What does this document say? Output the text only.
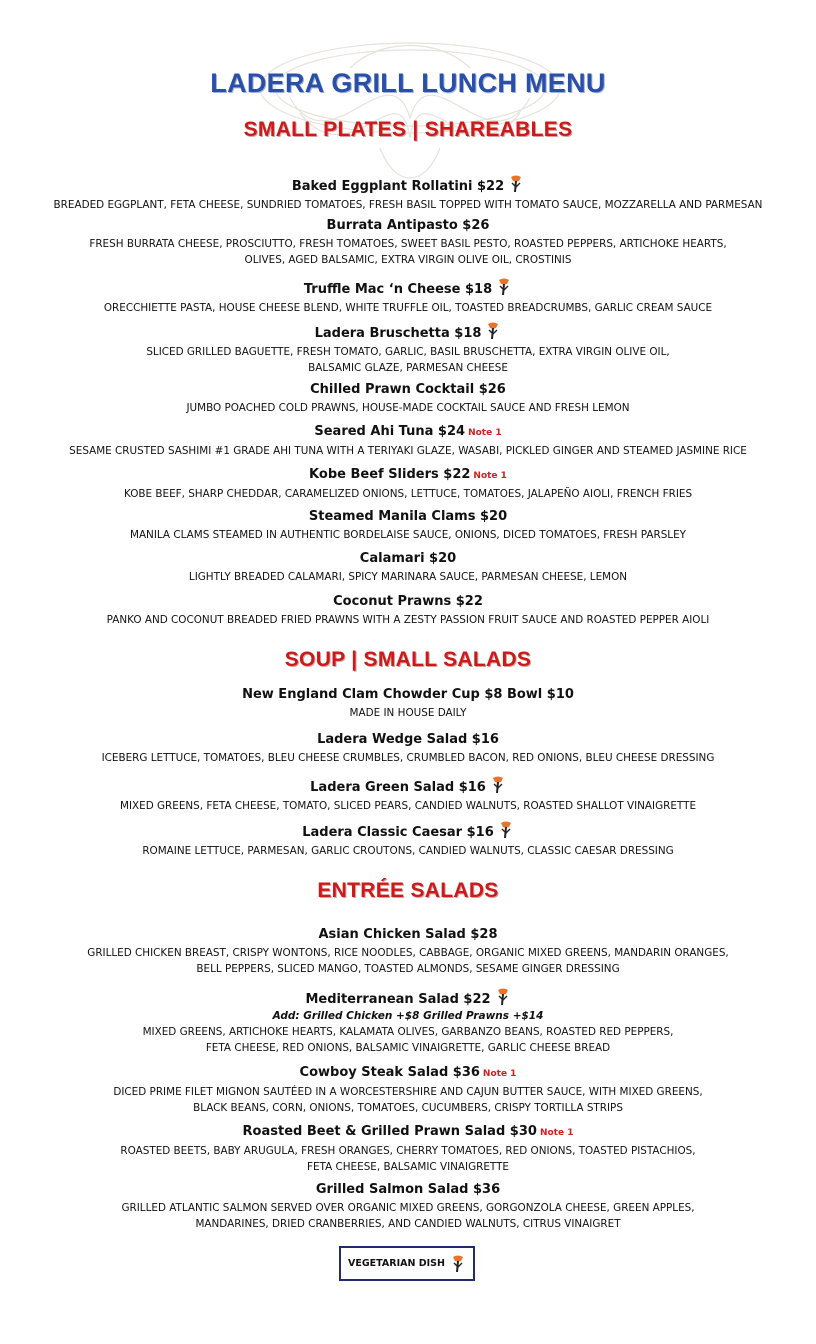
LADERA GRILL LUNCH MENU
SMALL PLATES | SHAREABLES
Baked Eggplant Rollatini $22
BREADED EGGPLANT, FETA CHEESE, SUNDRIED TOMATOES, FRESH BASIL TOPPED WITH TOMATO SAUCE, MOZZARELLA AND PARMESAN
Burrata Antipasto $26
FRESH BURRATA CHEESE, PROSCIUTTO, FRESH TOMATOES, SWEET BASIL PESTO, ROASTED PEPPERS, ARTICHOKE HEARTS,
OLIVES, AGED BALSAMIC, EXTRA VIRGIN OLIVE OIL, CROSTINIS
Truffle Mac ‘n Cheese $18
ORECCHIETTE PASTA, HOUSE CHEESE BLEND, WHITE TRUFFLE OIL, TOASTED BREADCRUMBS, GARLIC CREAM SAUCE
Ladera Bruschetta $18
SLICED GRILLED BAGUETTE, FRESH TOMATO, GARLIC, BASIL BRUSCHETTA, EXTRA VIRGIN OLIVE OIL,
BALSAMIC GLAZE, PARMESAN CHEESE
Chilled Prawn Cocktail $26
JUMBO POACHED COLD PRAWNS, HOUSE-MADE COCKTAIL SAUCE AND FRESH LEMON
Seared Ahi Tuna $24 Note 1
SESAME CRUSTED SASHIMI #1 GRADE AHI TUNA WITH A TERIYAKI GLAZE, WASABI, PICKLED GINGER AND STEAMED JASMINE RICE
Kobe Beef Sliders $22 Note 1
KOBE BEEF, SHARP CHEDDAR, CARAMELIZED ONIONS, LETTUCE, TOMATOES, JALAPEÑO AIOLI, FRENCH FRIES
Steamed Manila Clams $20
MANILA CLAMS STEAMED IN AUTHENTIC BORDELAISE SAUCE, ONIONS, DICED TOMATOES, FRESH PARSLEY
Calamari $20
LIGHTLY BREADED CALAMARI, SPICY MARINARA SAUCE, PARMESAN CHEESE, LEMON
Coconut Prawns $22
PANKO AND COCONUT BREADED FRIED PRAWNS WITH A ZESTY PASSION FRUIT SAUCE AND ROASTED PEPPER AIOLI
SOUP | SMALL SALADS
New England Clam Chowder Cup $8 Bowl $10
MADE IN HOUSE DAILY
Ladera Wedge Salad $16
ICEBERG LETTUCE, TOMATOES, BLEU CHEESE CRUMBLES, CRUMBLED BACON, RED ONIONS, BLEU CHEESE DRESSING
Ladera Green Salad $16
MIXED GREENS, FETA CHEESE, TOMATO, SLICED PEARS, CANDIED WALNUTS, ROASTED SHALLOT VINAIGRETTE
Ladera Classic Caesar $16
ROMAINE LETTUCE, PARMESAN, GARLIC CROUTONS, CANDIED WALNUTS, CLASSIC CAESAR DRESSING
ENTRÉE SALADS
Asian Chicken Salad $28
GRILLED CHICKEN BREAST, CRISPY WONTONS, RICE NOODLES, CABBAGE, ORGANIC MIXED GREENS, MANDARIN ORANGES,
BELL PEPPERS, SLICED MANGO, TOASTED ALMONDS, SESAME GINGER DRESSING
Mediterranean Salad $22
Add: Grilled Chicken +$8 Grilled Prawns +$14
MIXED GREENS, ARTICHOKE HEARTS, KALAMATA OLIVES, GARBANZO BEANS, ROASTED RED PEPPERS,
FETA CHEESE, RED ONIONS, BALSAMIC VINAIGRETTE, GARLIC CHEESE BREAD
Cowboy Steak Salad $36 Note 1
DICED PRIME FILET MIGNON SAUTÉED IN A WORCESTERSHIRE AND CAJUN BUTTER SAUCE, WITH MIXED GREENS,
BLACK BEANS, CORN, ONIONS, TOMATOES, CUCUMBERS, CRISPY TORTILLA STRIPS
Roasted Beet & Grilled Prawn Salad $30 Note 1
ROASTED BEETS, BABY ARUGULA, FRESH ORANGES, CHERRY TOMATOES, RED ONIONS, TOASTED PISTACHIOS,
FETA CHEESE, BALSAMIC VINAIGRETTE
Grilled Salmon Salad $36
GRILLED ATLANTIC SALMON SERVED OVER ORGANIC MIXED GREENS, GORGONZOLA CHEESE, GREEN APPLES,
MANDARINES, DRIED CRANBERRIES, AND CANDIED WALNUTS, CITRUS VINAIGRET
VEGETARIAN DISH
